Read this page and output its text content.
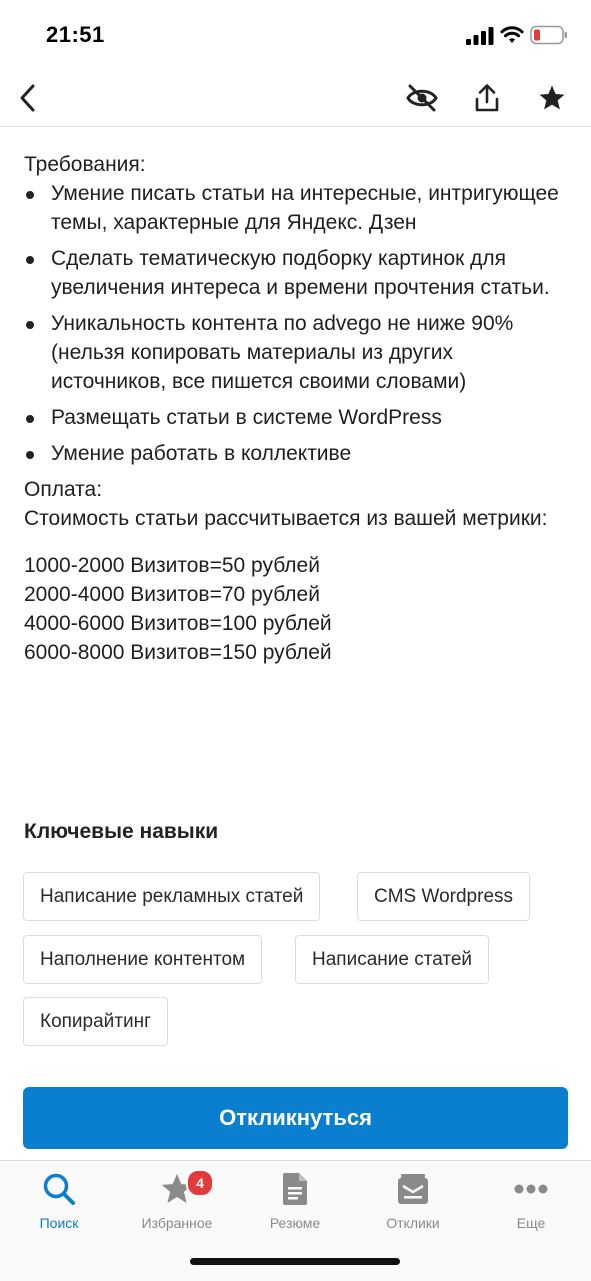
21:51

Требования:

Умение писать статьи на интересные, интригующее темы, характерные для Яндекс. Дзен
Сделать тематическую подборку картинок для увеличения интереса и времени прочтения статьи.
Уникальность контента по advego не ниже 90% (нельзя копировать материалы из других источников, все пишется своими словами)
Размещать статьи в системе WordPress
Умение работать в коллективе

Оплата:

Стоимость статьи рассчитывается из вашей метрики:

1000-2000 Визитов=50 рублей

2000-4000 Визитов=70 рублей

4000-6000 Визитов=100 рублей

6000-8000 Визитов=150 рублей

Ключевые навыки
Написание рекламных статей	CMS Wordpress
Наполнение контентом	Написание статей
Копирайтинг
Откликнуться
Поиск
4
Избранное	Резюме	Отклики	Еще
